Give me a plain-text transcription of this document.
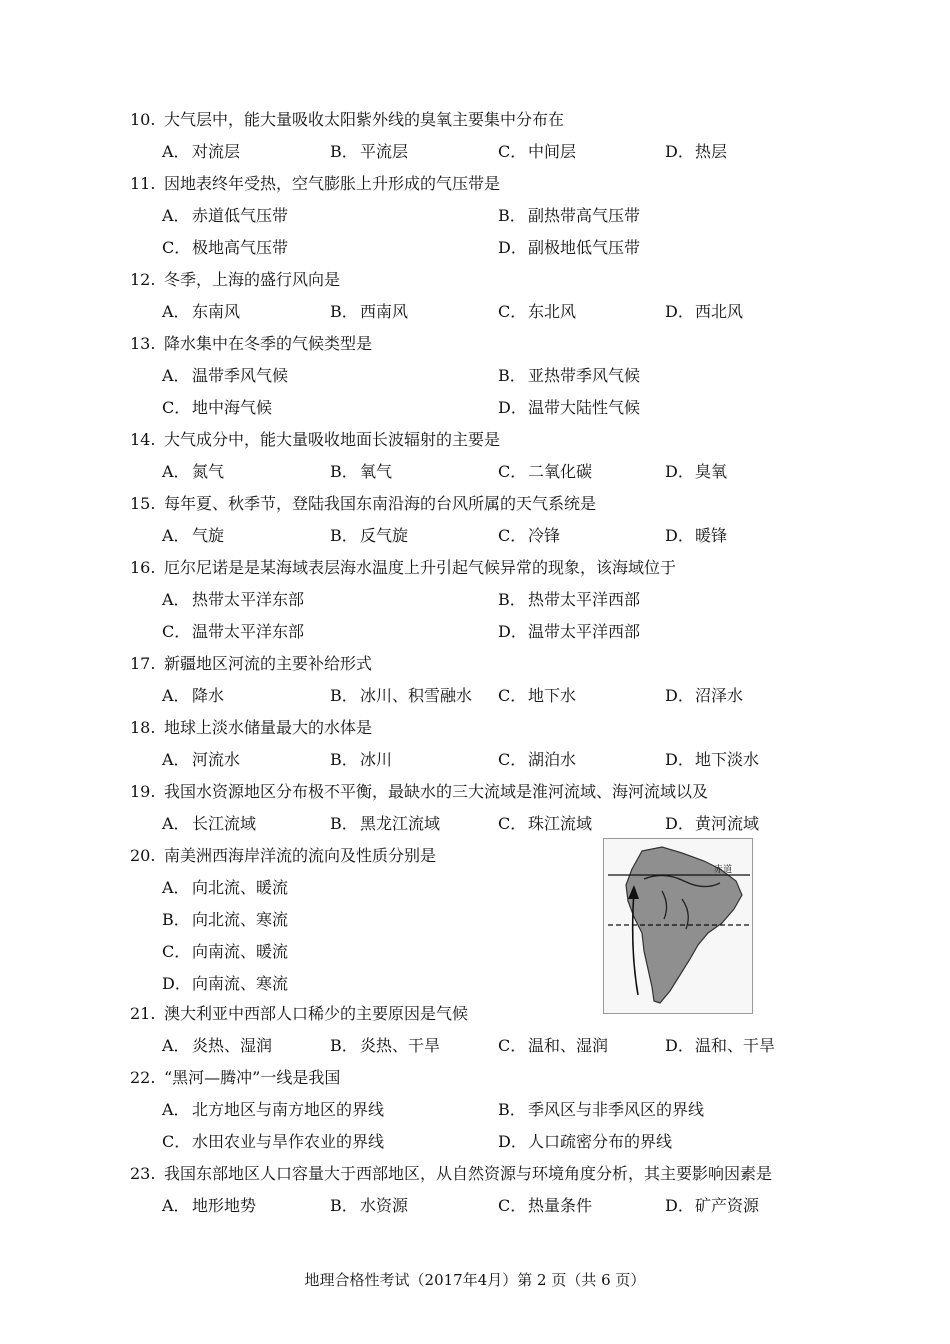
10. 大气层中，能大量吸收太阳紫外线的臭氧主要集中分布在
A． 对流层	B． 平流层	C． 中间层	D．热层
11. 因地表终年受热，空气膨胀上升形成的气压带是
A． 赤道低气压带	B． 副热带高气压带
C． 极地高气压带	D．副极地低气压带
12. 冬季，上海的盛行风向是
A． 东南风	B． 西南风	C． 东北风	D．西北风
13. 降水集中在冬季的气候类型是
A． 温带季风气候	B． 亚热带季风气候
C． 地中海气候	D．温带大陆性气候
14. 大气成分中，能大量吸收地面长波辐射的主要是
A． 氮气	B． 氧气	C． 二氧化碳	D．臭氧
15. 每年夏、秋季节，登陆我国东南沿海的台风所属的天气系统是
A． 气旋	B． 反气旋	C． 冷锋	D．暖锋
16. 厄尔尼诺是是某海域表层海水温度上升引起气候异常的现象，该海域位于
A． 热带太平洋东部	B． 热带太平洋西部
C． 温带太平洋东部	D．温带太平洋西部
17. 新疆地区河流的主要补给形式
A． 降水	B． 冰川、积雪融水 C． 地下水	D．沼泽水
18. 地球上淡水储量最大的水体是
A． 河流水	B． 冰川	C． 湖泊水	D．地下淡水
19. 我国水资源地区分布极不平衡，最缺水的三大流域是淮河流域、海河流域以及
A． 长江流域	B． 黑龙江流域	C． 珠江流域	D．黄河流域
20. 南美洲西海岸洋流的流向及性质分别是
A． 向北流、暖流
B． 向北流、寒流
C． 向南流、暖流
D．向南流、寒流
21. 澳大利亚中西部人口稀少的主要原因是气候
A． 炎热、湿润	B． 炎热、干旱	C． 温和、湿润	D．温和、干旱
22. “黑河—腾冲”一线是我国
A． 北方地区与南方地区的界线	B． 季风区与非季风区的界线
C． 水田农业与旱作农业的界线	D．人口疏密分布的界线
23. 我国东部地区人口容量大于西部地区，从自然资源与环境角度分析，其主要影响因素是
A． 地形地势	B． 水资源	C． 热量条件	D．矿产资源
赤道
地理合格性考试（2017年4月）第 2 页（共 6 页）
